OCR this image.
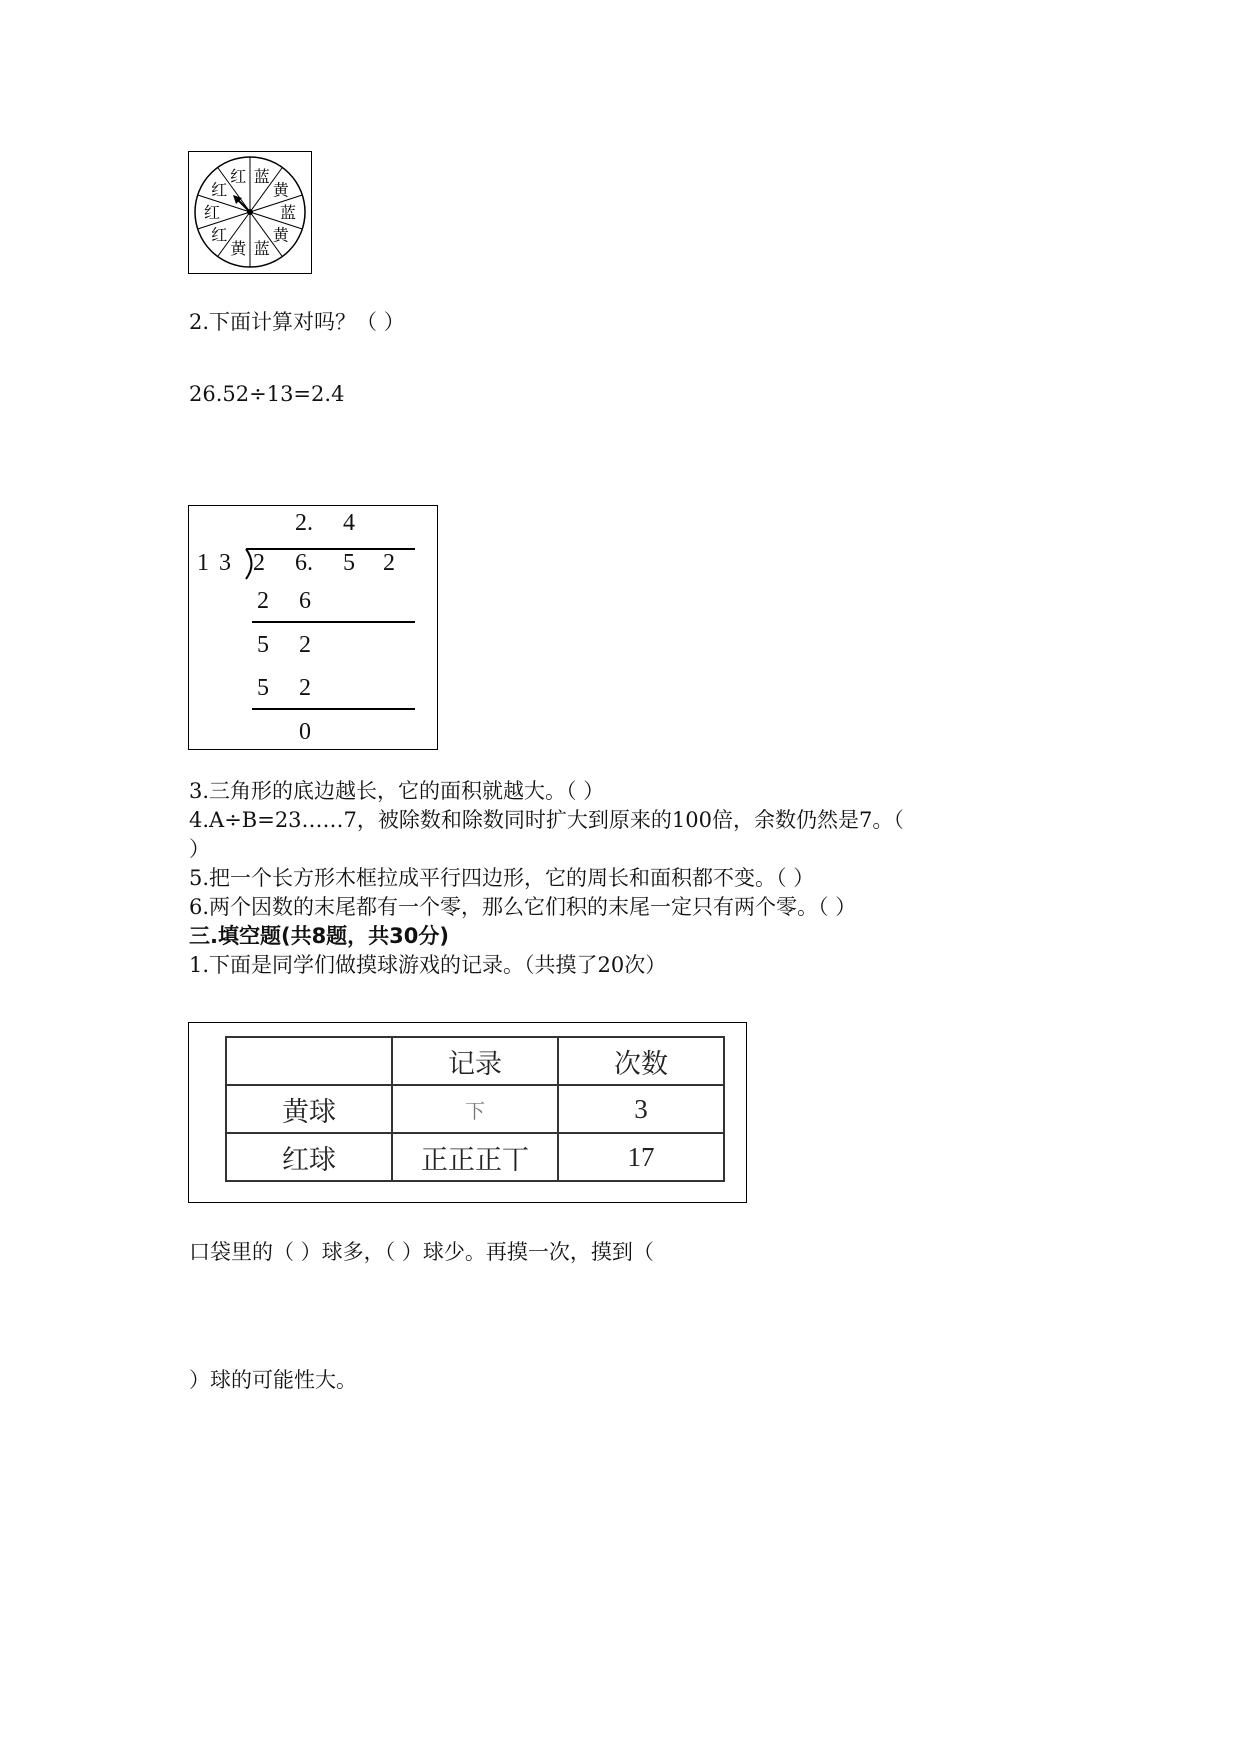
红 蓝
黄
蓝
黄
蓝
黄
红
红
红
2.下面计算对吗？（ ）
26.52÷13=2.4
2. 4
1 3 2 6. 5 2
2 6
5 2
5 2
0
3.三角形的底边越长，它的面积就越大。（ ）
4.A÷B=23……7，被除数和除数同时扩大到原来的100倍，余数仍然是7。（
）
5.把一个长方形木框拉成平行四边形，它的周长和面积都不变。（ ）
6.两个因数的末尾都有一个零，那么它们积的末尾一定只有两个零。（ ）
三.填空题(共8题，共30分)
1.下面是同学们做摸球游戏的记录。（共摸了20次）
	记录	次数
黄球	下	3
红球	正正正丅	17
口袋里的（ ）球多，（ ）球少。再摸一次，摸到（
）球的可能性大。
